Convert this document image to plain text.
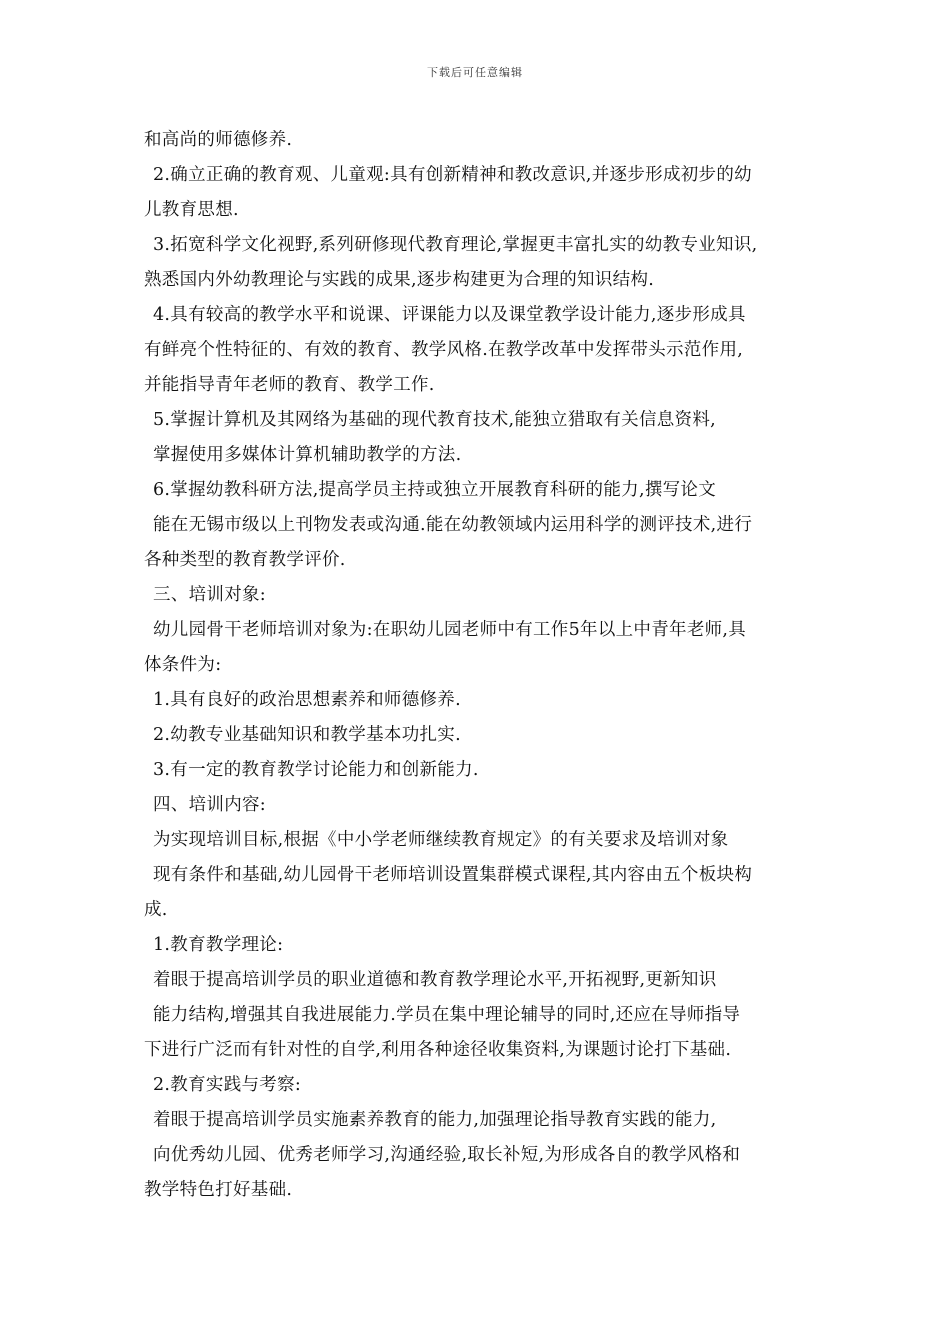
下载后可任意编辑
和高尚的师德修养.
2.确立正确的教育观、儿童观:具有创新精神和教改意识,并逐步形成初步的幼
儿教育思想.
3.拓宽科学文化视野,系列研修现代教育理论,掌握更丰富扎实的幼教专业知识,
熟悉国内外幼教理论与实践的成果,逐步构建更为合理的知识结构.
4.具有较高的教学水平和说课、评课能力以及课堂教学设计能力,逐步形成具
有鲜亮个性特征的、有效的教育、教学风格.在教学改革中发挥带头示范作用,
并能指导青年老师的教育、教学工作.
5.掌握计算机及其网络为基础的现代教育技术,能独立猎取有关信息资料,
掌握使用多媒体计算机辅助教学的方法.
6.掌握幼教科研方法,提高学员主持或独立开展教育科研的能力,撰写论文
能在无锡市级以上刊物发表或沟通.能在幼教领域内运用科学的测评技术,进行
各种类型的教育教学评价.
三、培训对象:
幼儿园骨干老师培训对象为:在职幼儿园老师中有工作5年以上中青年老师,具
体条件为:
1.具有良好的政治思想素养和师德修养.
2.幼教专业基础知识和教学基本功扎实.
3.有一定的教育教学讨论能力和创新能力.
四、培训内容:
为实现培训目标,根据《中小学老师继续教育规定》的有关要求及培训对象
现有条件和基础,幼儿园骨干老师培训设置集群模式课程,其内容由五个板块构
成.
1.教育教学理论:
着眼于提高培训学员的职业道德和教育教学理论水平,开拓视野,更新知识
能力结构,增强其自我进展能力.学员在集中理论辅导的同时,还应在导师指导
下进行广泛而有针对性的自学,利用各种途径收集资料,为课题讨论打下基础.
2.教育实践与考察:
着眼于提高培训学员实施素养教育的能力,加强理论指导教育实践的能力,
向优秀幼儿园、优秀老师学习,沟通经验,取长补短,为形成各自的教学风格和
教学特色打好基础.
